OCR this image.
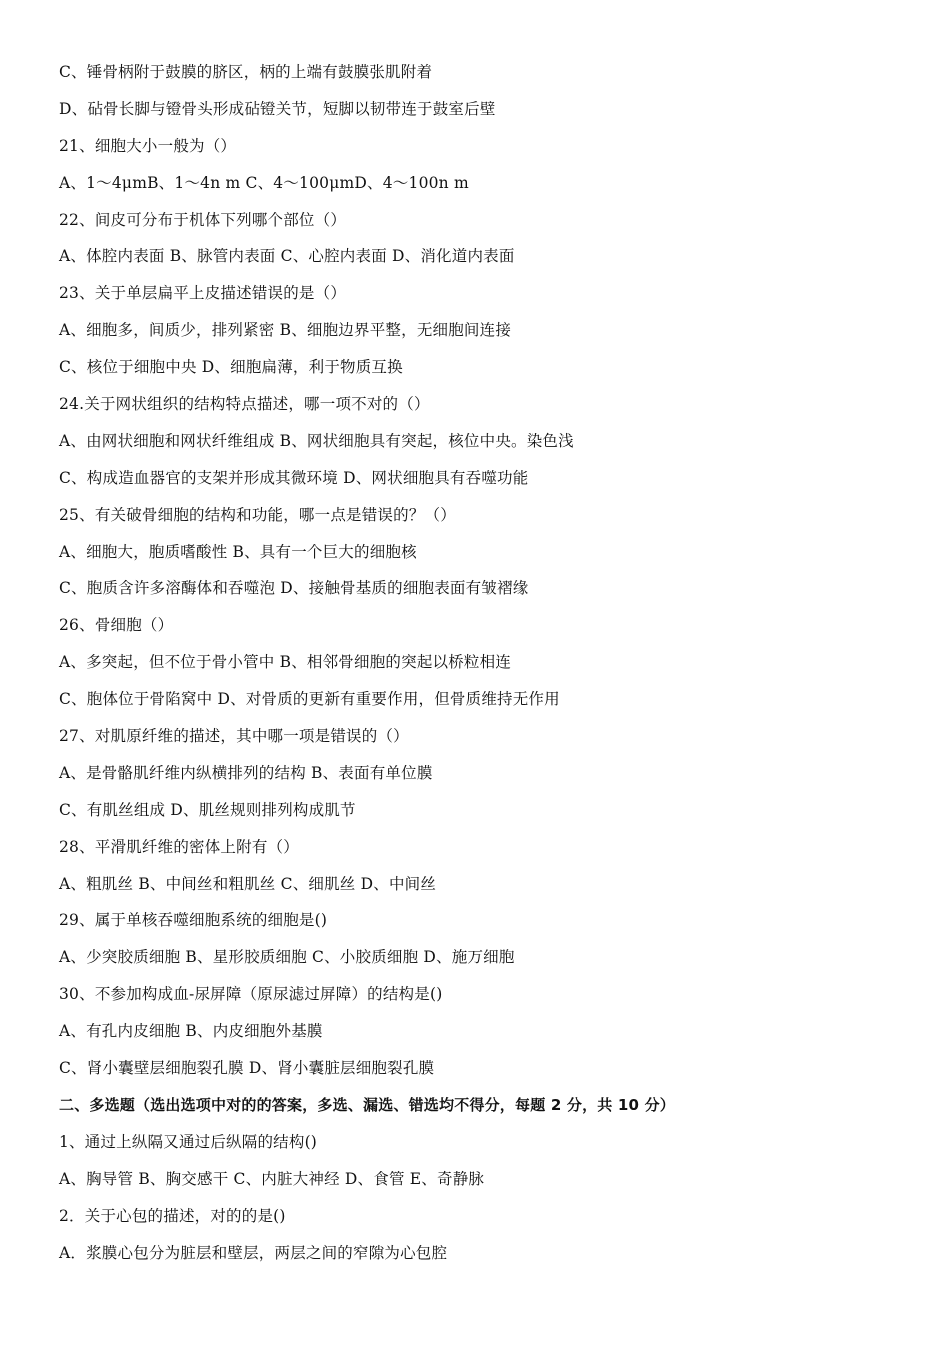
C、锤骨柄附于鼓膜的脐区，柄的上端有鼓膜张肌附着
D、砧骨长脚与镫骨头形成砧镫关节，短脚以韧带连于鼓室后壁
21、细胞大小一般为（）
A、1～4μmB、1～4n m C、4～100μmD、4～100n m
22、间皮可分布于机体下列哪个部位（）
A、体腔内表面 B、脉管内表面 C、心腔内表面 D、消化道内表面
23、关于单层扁平上皮描述错误的是（）
A、细胞多，间质少，排列紧密 B、细胞边界平整，无细胞间连接
C、核位于细胞中央 D、细胞扁薄，利于物质互换
24.关于网状组织的结构特点描述，哪一项不对的（）
A、由网状细胞和网状纤维组成 B、网状细胞具有突起，核位中央。染色浅
C、构成造血器官的支架并形成其微环境 D、网状细胞具有吞噬功能
25、有关破骨细胞的结构和功能，哪一点是错误的？（）
A、细胞大，胞质嗜酸性 B、具有一个巨大的细胞核
C、胞质含许多溶酶体和吞噬泡 D、接触骨基质的细胞表面有皱褶缘
26、骨细胞（）
A、多突起，但不位于骨小管中 B、相邻骨细胞的突起以桥粒相连
C、胞体位于骨陷窝中 D、对骨质的更新有重要作用，但骨质维持无作用
27、对肌原纤维的描述，其中哪一项是错误的（）
A、是骨骼肌纤维内纵横排列的结构 B、表面有单位膜
C、有肌丝组成 D、肌丝规则排列构成肌节
28、平滑肌纤维的密体上附有（）
A、粗肌丝 B、中间丝和粗肌丝 C、细肌丝 D、中间丝
29、属于单核吞噬细胞系统的细胞是()
A、少突胶质细胞 B、星形胶质细胞 C、小胶质细胞 D、施万细胞
30、不参加构成血-尿屏障（原尿滤过屏障）的结构是()
A、有孔内皮细胞 B、内皮细胞外基膜
C、肾小囊壁层细胞裂孔膜 D、肾小囊脏层细胞裂孔膜
二、多选题（选出选项中对的的答案，多选、漏选、错选均不得分，每题 2 分，共 10 分）
1、通过上纵隔又通过后纵隔的结构()
A、胸导管 B、胸交感干 C、内脏大神经 D、食管 E、奇静脉
2．关于心包的描述，对的的是()
A．浆膜心包分为脏层和壁层，两层之间的窄隙为心包腔
